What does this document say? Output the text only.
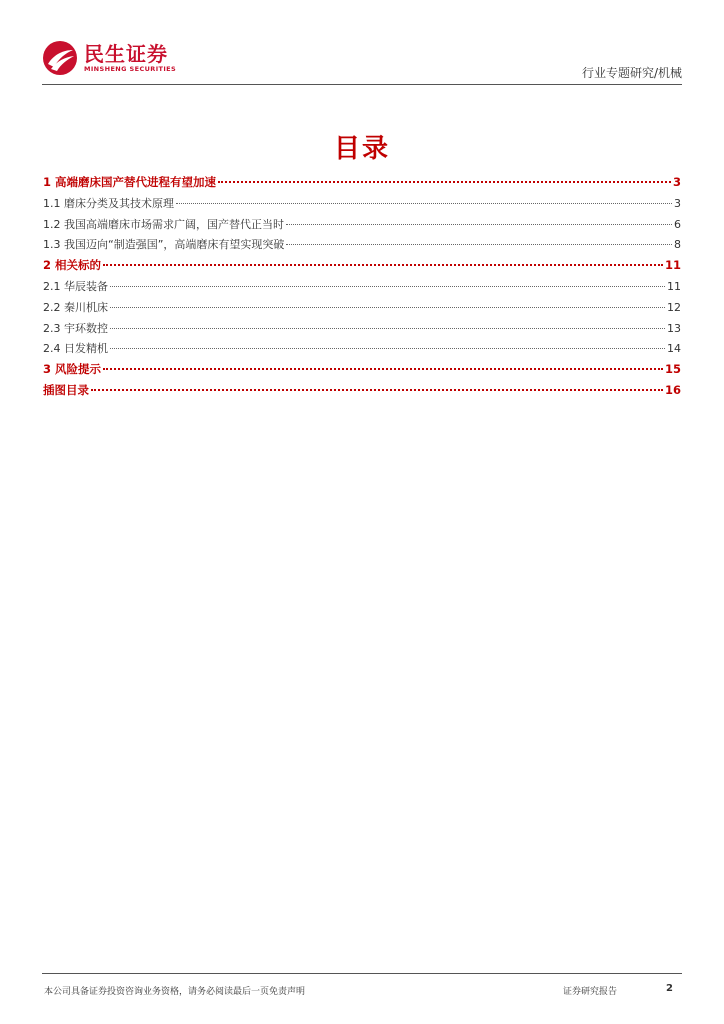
民生证券
MINSHENG SECURITIES	行业专题研究/机械
目录
1 高端磨床国产替代进程有望加速	3
1.1 磨床分类及其技术原理	3
1.2 我国高端磨床市场需求广阔，国产替代正当时	6
1.3 我国迈向“制造强国”，高端磨床有望实现突破	8
2 相关标的	11
2.1 华辰装备	11
2.2 秦川机床	12
2.3 宇环数控	13
2.4 日发精机	14
3 风险提示	15
插图目录	16
本公司具备证券投资咨询业务资格，请务必阅读最后一页免责声明	证券研究报告	2
